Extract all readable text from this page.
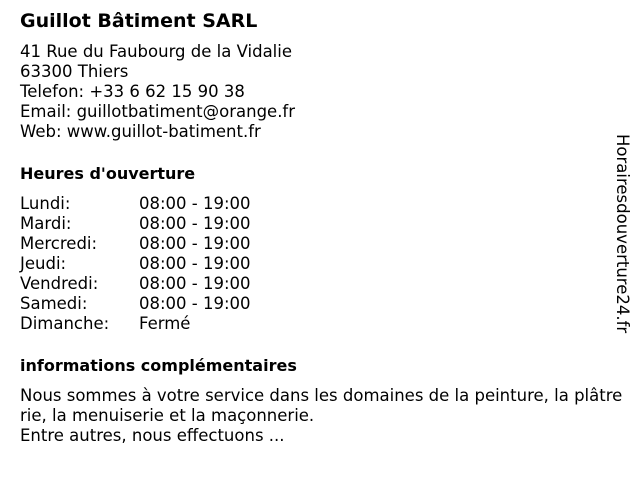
Guillot Bâtiment SARL
41 Rue du Faubourg de la Vidalie
63300 Thiers
Telefon: +33 6 62 15 90 38
Email: guillotbatiment@orange.fr
Web: www.guillot-batiment.fr
Heures d'ouverture
Lundi:	08:00 - 19:00
Mardi:	08:00 - 19:00
Mercredi:	08:00 - 19:00
Jeudi:	08:00 - 19:00
Vendredi:	08:00 - 19:00
Samedi:	08:00 - 19:00
Dimanche:	Fermé
informations complémentaires
Nous sommes à votre service dans les domaines de la peinture, la plâtrerie, la menuiserie et la maçonnerie.
Entre autres, nous effectuons ...
Horairesdouverture24.fr
